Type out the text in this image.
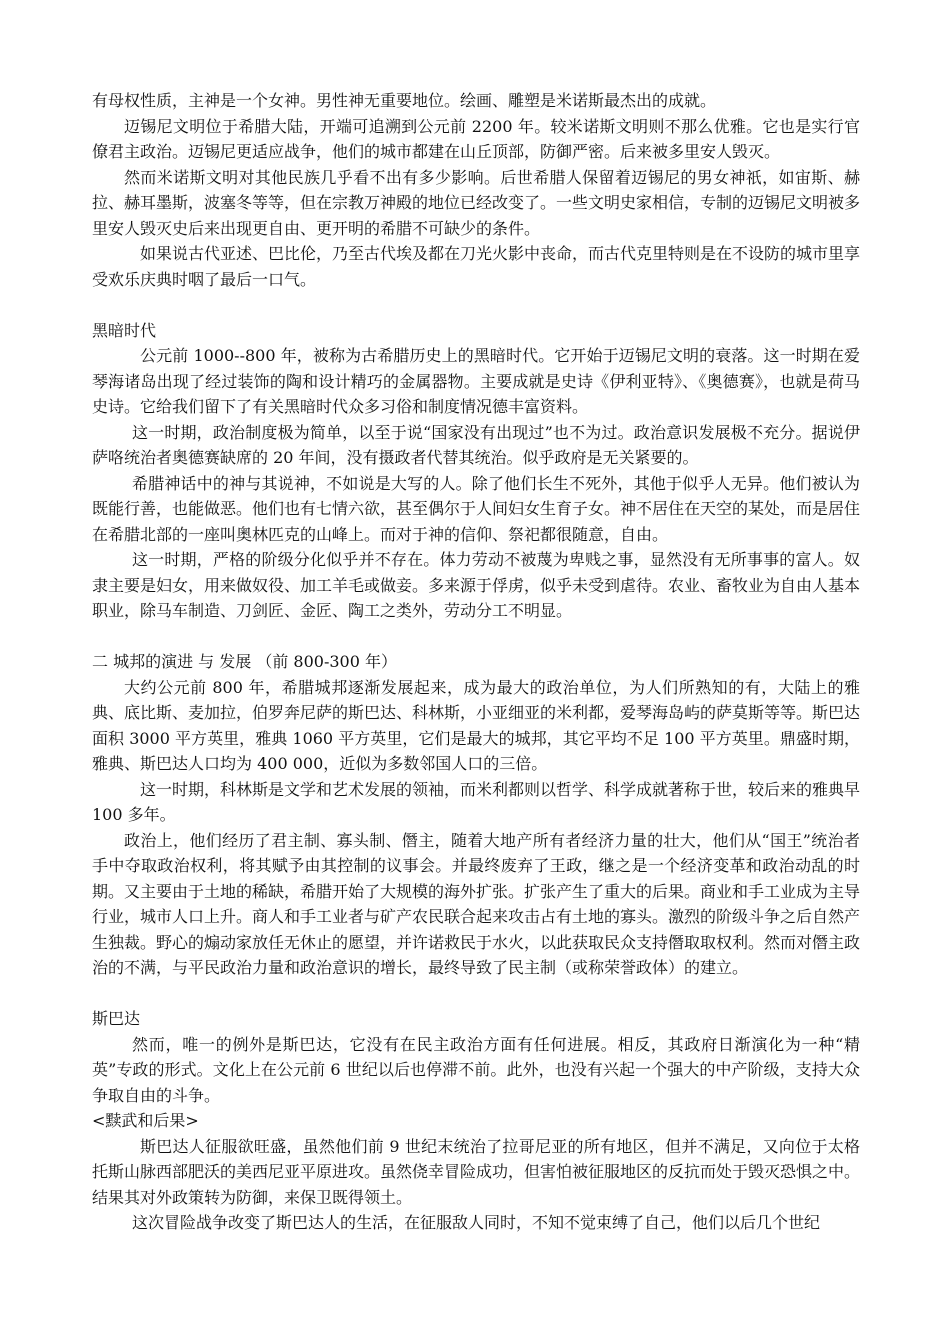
有母权性质，主神是一个女神。男性神无重要地位。绘画、雕塑是米诺斯最杰出的成就。

迈锡尼文明位于希腊大陆，开端可追溯到公元前 2200 年。较米诺斯文明则不那么优雅。它也是实行官僚君主政治。迈锡尼更适应战争，他们的城市都建在山丘顶部，防御严密。后来被多里安人毁灭。

然而米诺斯文明对其他民族几乎看不出有多少影响。后世希腊人保留着迈锡尼的男女神祇，如宙斯、赫拉、赫耳墨斯，波塞冬等等，但在宗教万神殿的地位已经改变了。一些文明史家相信，专制的迈锡尼文明被多里安人毁灭史后来出现更自由、更开明的希腊不可缺少的条件。

如果说古代亚述、巴比伦，乃至古代埃及都在刀光火影中丧命，而古代克里特则是在不设防的城市里享受欢乐庆典时咽了最后一口气。

黑暗时代

公元前 1000--800 年，被称为古希腊历史上的黑暗时代。它开始于迈锡尼文明的衰落。这一时期在爱琴海诸岛出现了经过装饰的陶和设计精巧的金属器物。主要成就是史诗《伊利亚特》、《奥德赛》，也就是荷马史诗。它给我们留下了有关黑暗时代众多习俗和制度情况德丰富资料。

这一时期，政治制度极为简单，以至于说“国家没有出现过”也不为过。政治意识发展极不充分。据说伊萨咯统治者奥德赛缺席的 20 年间，没有摄政者代替其统治。似乎政府是无关紧要的。

希腊神话中的神与其说神，不如说是大写的人。除了他们长生不死外，其他于似乎人无异。他们被认为既能行善，也能做恶。他们也有七情六欲，甚至偶尔于人间妇女生育子女。神不居住在天空的某处，而是居住在希腊北部的一座叫奥林匹克的山峰上。而对于神的信仰、祭祀都很随意，自由。

这一时期，严格的阶级分化似乎并不存在。体力劳动不被蔑为卑贱之事，显然没有无所事事的富人。奴隶主要是妇女，用来做奴役、加工羊毛或做妾。多来源于俘虏，似乎未受到虐待。农业、畜牧业为自由人基本职业，除马车制造、刀剑匠、金匠、陶工之类外，劳动分工不明显。

二 城邦的演进 与 发展 （前 800-300 年）

大约公元前 800 年，希腊城邦逐渐发展起来，成为最大的政治单位，为人们所熟知的有，大陆上的雅典、底比斯、麦加拉，伯罗奔尼萨的斯巴达、科林斯，小亚细亚的米利都，爱琴海岛屿的萨莫斯等等。斯巴达面积 3000 平方英里，雅典 1060 平方英里，它们是最大的城邦，其它平均不足 100 平方英里。鼎盛时期，雅典、斯巴达人口均为 400 000，近似为多数邻国人口的三倍。

这一时期，科林斯是文学和艺术发展的领袖，而米利都则以哲学、科学成就著称于世，较后来的雅典早 100 多年。

政治上，他们经历了君主制、寡头制、僭主，随着大地产所有者经济力量的壮大，他们从“国王”统治者手中夺取政治权利，将其赋予由其控制的议事会。并最终废弃了王政，继之是一个经济变革和政治动乱的时期。又主要由于土地的稀缺，希腊开始了大规模的海外扩张。扩张产生了重大的后果。商业和手工业成为主导行业，城市人口上升。商人和手工业者与矿产农民联合起来攻击占有土地的寡头。激烈的阶级斗争之后自然产生独裁。野心的煽动家放任无休止的愿望，并许诺救民于水火，以此获取民众支持僭取取权利。然而对僭主政治的不满，与平民政治力量和政治意识的增长，最终导致了民主制（或称荣誉政体）的建立。

斯巴达

然而，唯一的例外是斯巴达，它没有在民主政治方面有任何进展。相反，其政府日渐演化为一种“精英”专政的形式。文化上在公元前 6 世纪以后也停滞不前。此外，也没有兴起一个强大的中产阶级，支持大众争取自由的斗争。

<黩武和后果>

斯巴达人征服欲旺盛，虽然他们前 9 世纪末统治了拉哥尼亚的所有地区，但并不满足，又向位于太格托斯山脉西部肥沃的美西尼亚平原进攻。虽然侥幸冒险成功，但害怕被征服地区的反抗而处于毁灭恐惧之中。结果其对外政策转为防御，来保卫既得领土。

这次冒险战争改变了斯巴达人的生活，在征服敌人同时，不知不觉束缚了自己，他们以后几个世纪
